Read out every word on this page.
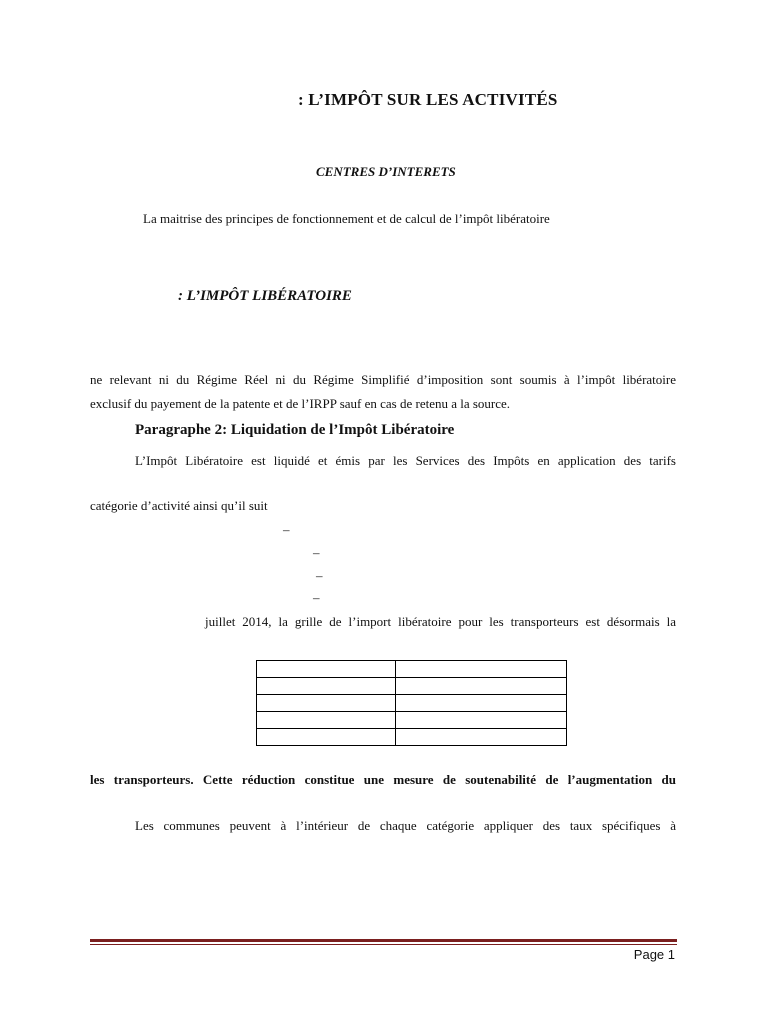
: L’IMPÔT SUR LES ACTIVITÉS
CENTRES D’INTERETS
La maitrise des principes de fonctionnement et de calcul de l’impôt libératoire
: L’IMPÔT LIBÉRATOIRE
ne relevant ni du Régime Réel ni du Régime Simplifié d’imposition sont soumis à l’impôt libératoire
exclusif du payement de la patente et de l’IRPP sauf en cas de retenu a la source.
Paragraphe 2: Liquidation de l’Impôt Libératoire
L’Impôt Libératoire est liquidé et émis par les Services des Impôts en application des tarifs
catégorie d’activité ainsi qu’il suit
–
–
–
–
juillet 2014, la grille de l’import libératoire pour les transporteurs est désormais la

les transporteurs. Cette réduction constitue une mesure de soutenabilité de l’augmentation du
Les communes peuvent à l’intérieur de chaque catégorie appliquer des taux spécifiques à
Page 1
